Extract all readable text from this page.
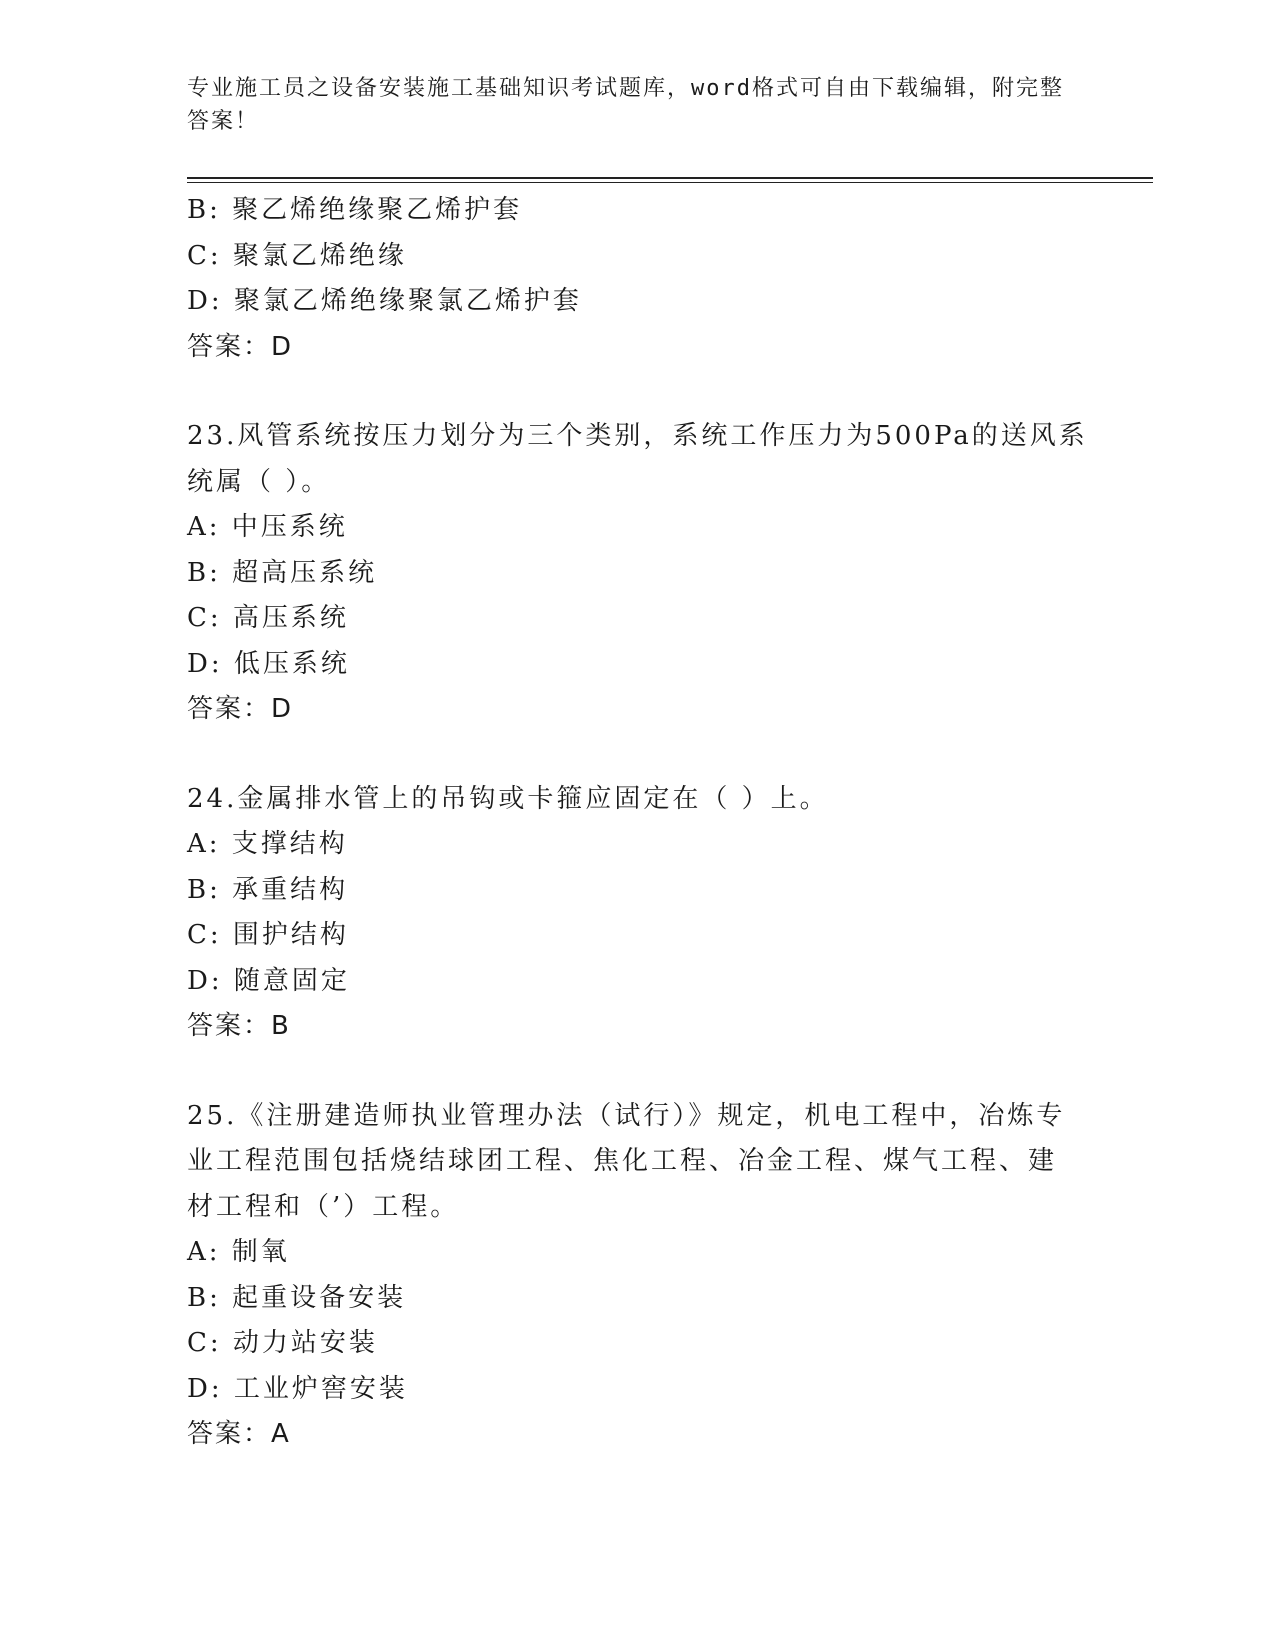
专业施工员之设备安装施工基础知识考试题库，word格式可自由下载编辑，附完整答案！
B: 聚乙烯绝缘聚乙烯护套
C: 聚氯乙烯绝缘
D: 聚氯乙烯绝缘聚氯乙烯护套
答案：D
23.风管系统按压力划分为三个类别，系统工作压力为500Pa的送风系
统属（ ）。
A: 中压系统
B: 超高压系统
C: 高压系统
D: 低压系统
答案：D
24.金属排水管上的吊钩或卡箍应固定在（ ）上。
A: 支撑结构
B: 承重结构
C: 围护结构
D: 随意固定
答案：B
25.《注册建造师执业管理办法（试行）》规定，机电工程中，冶炼专
业工程范围包括烧结球团工程、焦化工程、冶金工程、煤气工程、建
材工程和（’）工程。
A: 制氧
B: 起重设备安装
C: 动力站安装
D: 工业炉窖安装
答案：A
